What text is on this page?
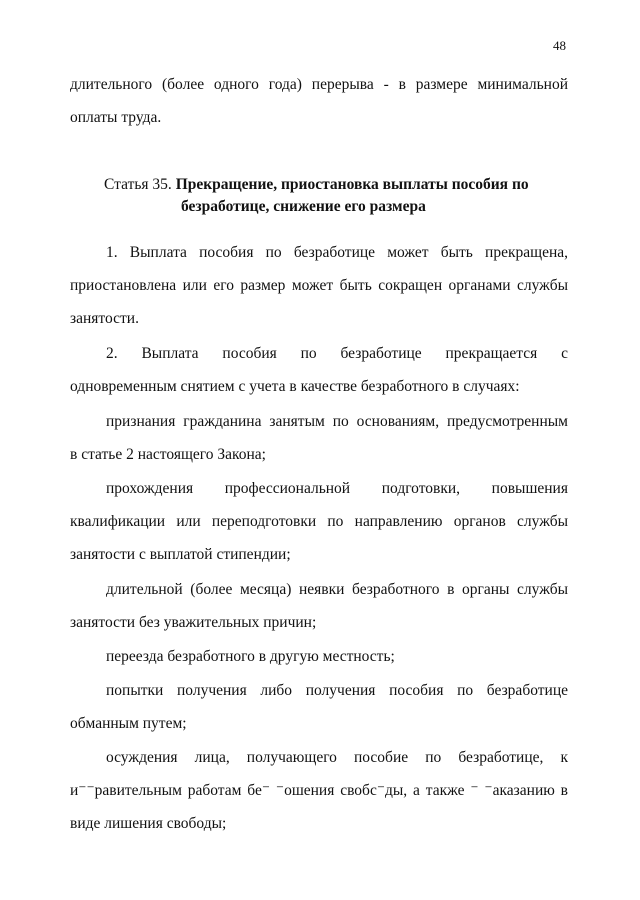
48
длительного (более одного года) перерыва - в размере минимальной
оплаты труда.
Статья 35. Прекращение, приостановка выплаты пособия по
безработице, снижение его размера
1. Выплата пособия по безработице может быть прекращена,
приостановлена или его размер может быть сокращен органами службы
занятости.
2. Выплата пособия по безработице прекращается с
одновременным снятием с учета в качестве безработного в случаях:
признания гражданина занятым по основаниям, предусмотренным
в статье 2 настоящего Закона;
прохождения профессиональной подготовки, повышения
квалификации или переподготовки по направлению органов службы
занятости с выплатой стипендии;
длительной (более месяца) неявки безработного в органы службы
занятости без уважительных причин;
переезда безработного в другую местность;
попытки получения либо получения пособия по безработице
обманным путем;
осуждения лица, получающего пособие по безработице, к
и⁻⁻равительным работам бе⁻ ⁻ошения свобс⁻ды, а также ⁻ ⁻аказанию в
виде лишения свободы;
